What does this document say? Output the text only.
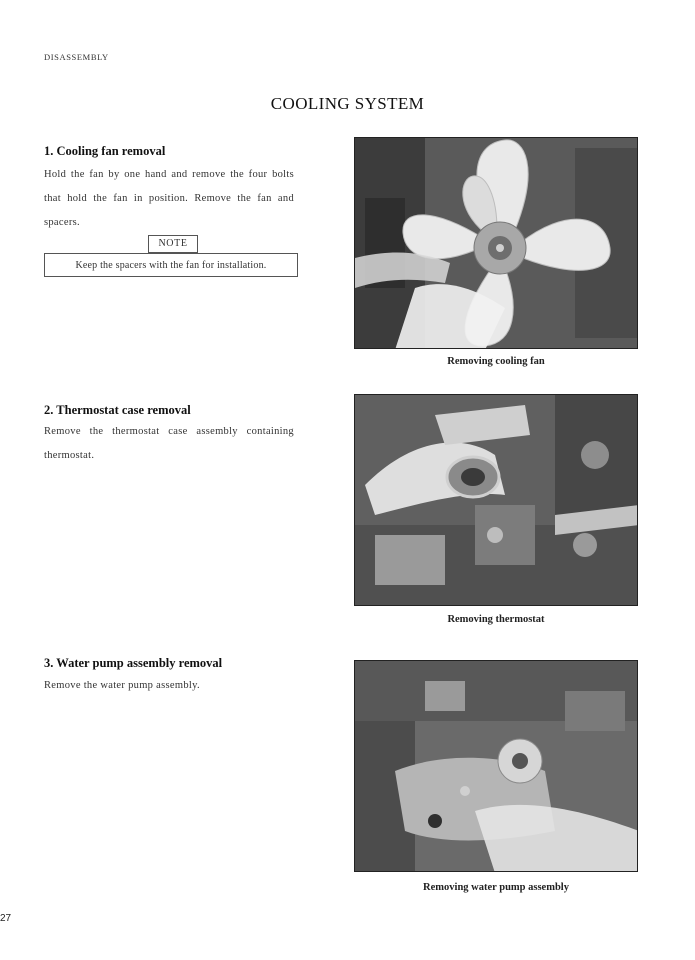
DISASSEMBLY
COOLING SYSTEM
1. Cooling fan removal
Hold the fan by one hand and remove the four bolts that hold the fan in position. Remove the fan and spacers.
NOTE
Keep the spacers with the fan for installation.
Removing cooling fan
2. Thermostat case removal
Remove the thermostat case assembly containing thermostat.
Removing thermostat
3. Water pump assembly removal
Remove the water pump assembly.
Removing water pump assembly
27
